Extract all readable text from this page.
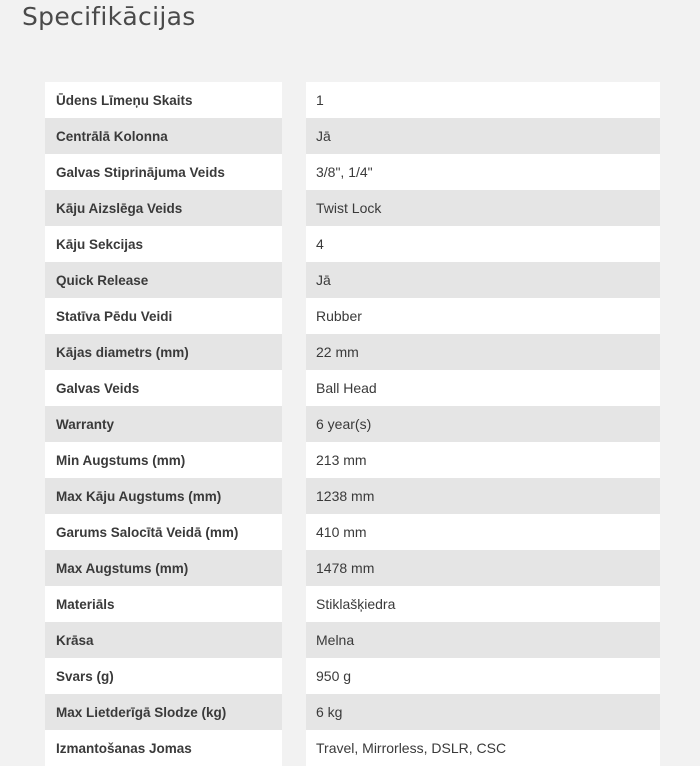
Specifikācijas
Ūdens Līmeņu Skaits	1
Centrālā Kolonna	Jā
Galvas Stiprinājuma Veids	3/8", 1/4"
Kāju Aizslēga Veids	Twist Lock
Kāju Sekcijas	4
Quick Release	Jā
Statīva Pēdu Veidi	Rubber
Kājas diametrs (mm)	22 mm
Galvas Veids	Ball Head
Warranty	6 year(s)
Min Augstums (mm)	213 mm
Max Kāju Augstums (mm)	1238 mm
Garums Salocītā Veidā (mm)	410 mm
Max Augstums (mm)	1478 mm
Materiāls	Stiklašķiedra
Krāsa	Melna
Svars (g)	950 g
Max Lietderīgā Slodze (kg)	6 kg
Izmantošanas Jomas	Travel, Mirrorless, DSLR, CSC
